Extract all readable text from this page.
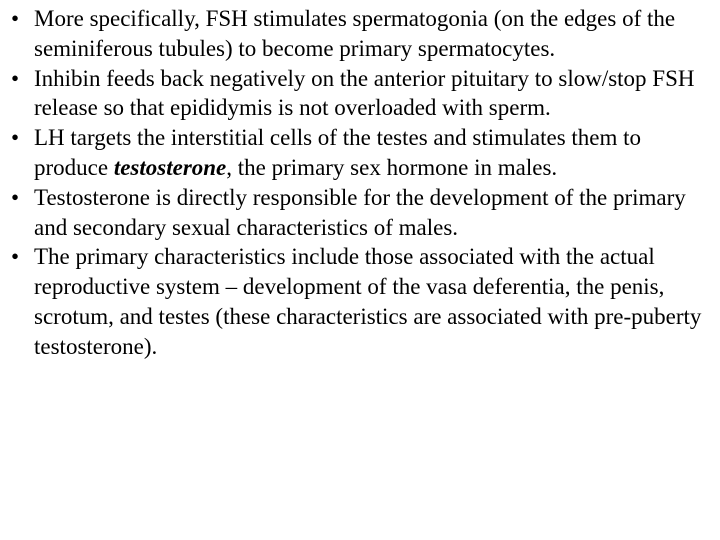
• More specifically, FSH stimulates spermatogonia (on the edges of the seminiferous tubules) to become primary spermatocytes.
• Inhibin feeds back negatively on the anterior pituitary to slow/stop FSH release so that epididymis is not overloaded with sperm.
• LH targets the interstitial cells of the testes and stimulates them to produce testosterone, the primary sex hormone in males.
• Testosterone is directly responsible for the development of the primary and secondary sexual characteristics of males.
• The primary characteristics include those associated with the actual reproductive system – development of the vasa deferentia, the penis, scrotum, and testes (these characteristics are associated with pre-puberty testosterone).
